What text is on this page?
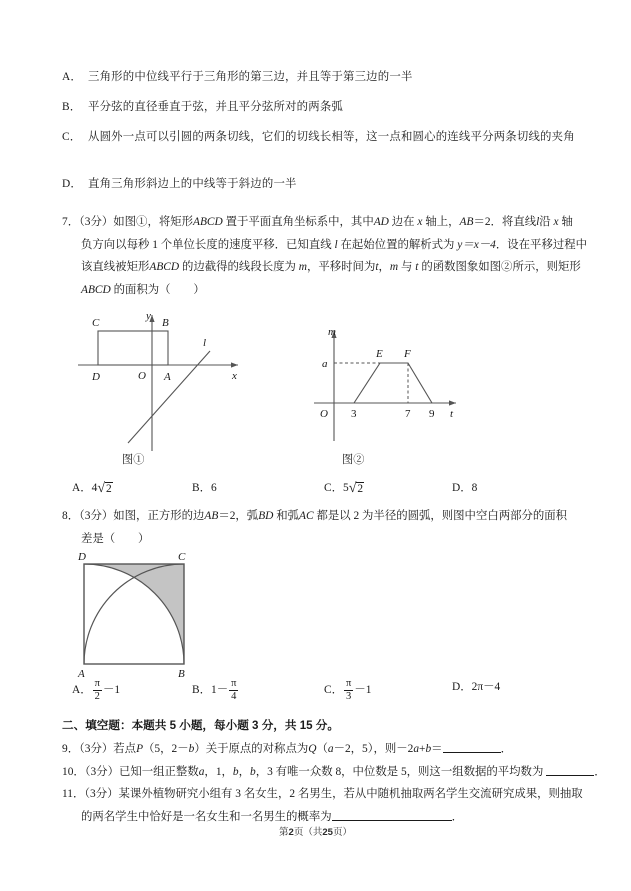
A． 三角形的中位线平行于三角形的第三边，并且等于第三边的一半
B． 平分弦的直径垂直于弦，并且平分弦所对的两条弧
C． 从圆外一点可以引圆的两条切线，它们的切线长相等，这一点和圆心的连线平分两条切线的夹角
D． 直角三角形斜边上的中线等于斜边的一半
7．（3分）如图①，将矩形ABCD 置于平面直角坐标系中，其中AD 边在 x 轴上，AB＝2．将直线l沿 x 轴
负方向以每秒 1 个单位长度的速度平移．已知直线 l 在起始位置的解析式为 y＝x－4．设在平移过程中
该直线被矩形ABCD 的边截得的线段长度为 m，平移时间为t，m 与 t 的函数图象如图②所示，则矩形
ABCD 的面积为（　　）
y
x
O A
B
C
D
l
m
t
O
a
E F
3	7 9
图①	图②
A．4√2	B．6	C．5√2	D．8
8．（3分）如图，正方形的边AB＝2，弧BD 和弧AC 都是以 2 为半径的圆弧，则图中空白两部分的面积
差是（　　）
D	C
A	B
A． $\frac{\pi}{2} -1$	B．$1- \frac{\pi}{4}$	C． $\frac{\pi}{3} -1$	D．2π－4
二、填空题：本题共 5 小题，每小题 3 分，共 15 分。
9．（3分）若点P（5，2－b）关于原点的对称点为Q（a－2，5），则－2a+b＝	．
10．（3分）已知一组正整数a，1，b，b，3 有唯一众数 8，中位数是 5，则这一组数据的平均数为	．
11．（3分）某课外植物研究小组有 3 名女生，2 名男生，若从中随机抽取两名学生交流研究成果，则抽取
的两名学生中恰好是一名女生和一名男生的概率为	．
第2页（共25页）
